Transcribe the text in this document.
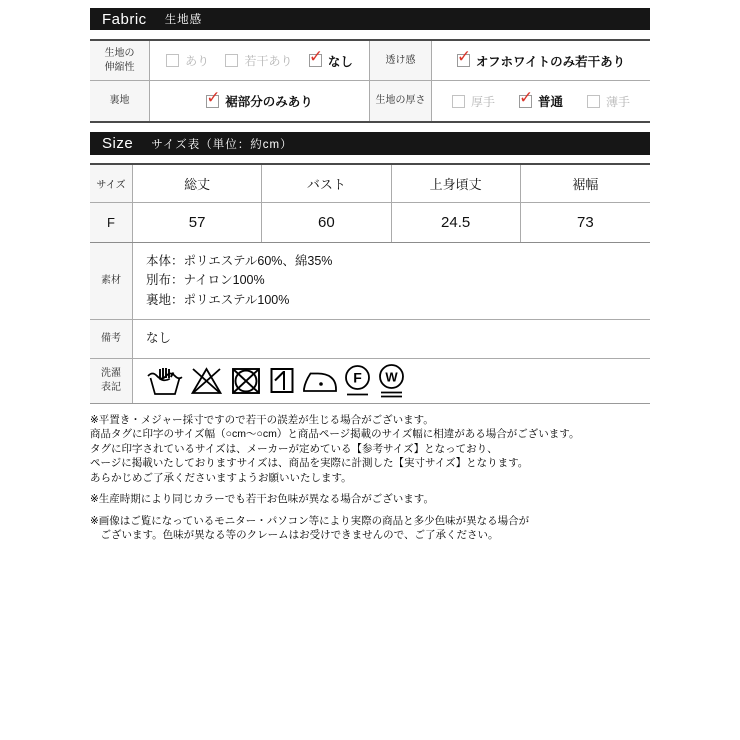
Fabric 生地感
生地の
伸縮性	あり	若干あり ✓	なし	透け感 ✓	オフホワイトのみ若干あり
裏地 ✓	裾部分のみあり	生地の厚さ	厚手 ✓	普通	薄手
Size サイズ表（単位：約cm）
サイズ	総丈	バスト	上身頃丈	裾幅
F	57	60	24.5	73
素材
本体：ポリエステル60%、綿35%
別布：ナイロン100%
裏地：ポリエステル100%
備考 なし
洗濯
表記
F W
※平置き・メジャー採寸ですので若干の誤差が生じる場合がございます。
商品タグに印字のサイズ幅（○cm～○cm）と商品ページ掲載のサイズ幅に相違がある場合がございます。
タグに印字されているサイズは、メーカーが定めている【参考サイズ】となっており、
ページに掲載いたしておりますサイズは、商品を実際に計測した【実寸サイズ】となります。
あらかじめご了承くださいますようお願いいたします。
※生産時期により同じカラーでも若干お色味が異なる場合がございます。
※画像はご覧になっているモニター・パソコン等により実際の商品と多少色味が異なる場合が
　ございます。色味が異なる等のクレームはお受けできませんので、ご了承ください。
